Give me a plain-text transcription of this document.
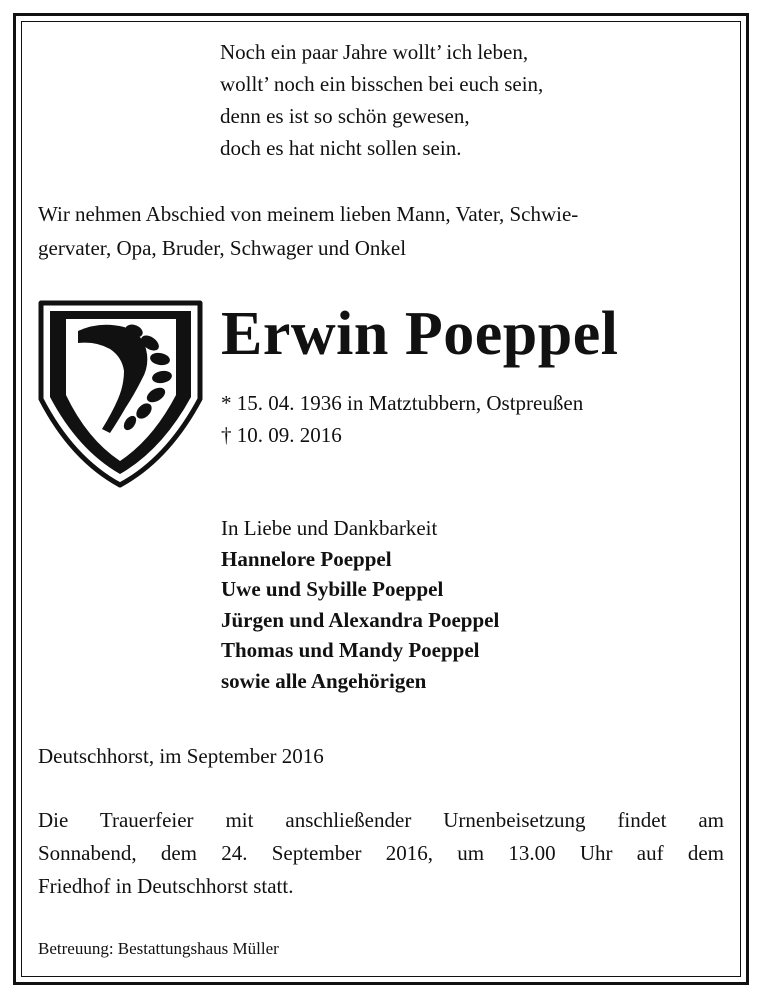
Noch ein paar Jahre wollt’ ich leben,
wollt’ noch ein bisschen bei euch sein,
denn es ist so schön gewesen,
doch es hat nicht sollen sein.
Wir nehmen Abschied von meinem lieben Mann, Vater, Schwie-
gervater, Opa, Bruder, Schwager und Onkel
Erwin Poeppel
* 15. 04. 1936 in Matztubbern, Ostpreußen
† 10. 09. 2016
In Liebe und Dankbarkeit
Hannelore Poeppel
Uwe und Sybille Poeppel
Jürgen und Alexandra Poeppel
Thomas und Mandy Poeppel
sowie alle Angehörigen
Deutschhorst, im September 2016
Die Trauerfeier mit anschließender Urnenbeisetzung findet am
Sonnabend, dem 24. September 2016, um 13.00 Uhr auf dem
Friedhof in Deutschhorst statt.
Betreuung: Bestattungshaus Müller
